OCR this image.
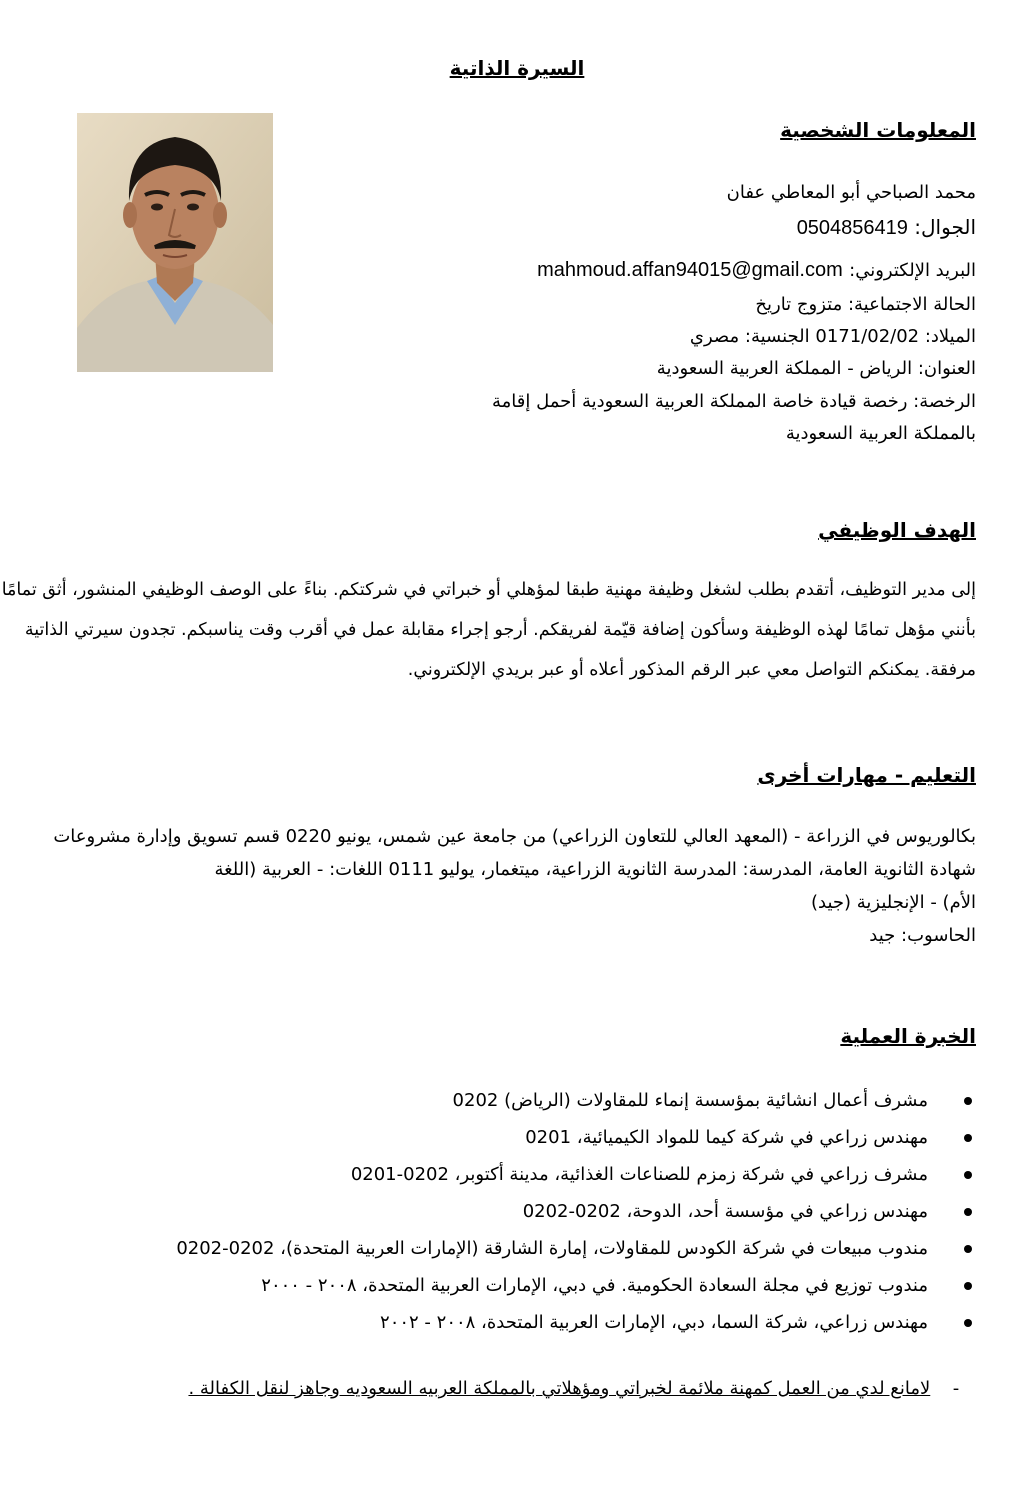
السيرة الذاتية
المعلومات الشخصية
محمد الصباحي أبو المعاطي عفان
الجوال: 0504856419
البريد الإلكتروني: mahmoud.affan94015@gmail.com
الحالة الاجتماعية: متزوج تاريخ
الميلاد: 0171/02/02 الجنسية: مصري
العنوان: الرياض - المملكة العربية السعودية
الرخصة: رخصة قيادة خاصة المملكة العربية السعودية أحمل إقامة
بالمملكة العربية السعودية
الهدف الوظيفي
إلى مدير التوظيف، أتقدم بطلب لشغل وظيفة مهنية طبقا لمؤهلي أو خبراتي في شركتكم. بناءً على الوصف الوظيفي المنشور، أثق تمامًا
بأنني مؤهل تمامًا لهذه الوظيفة وسأكون إضافة قيّمة لفريقكم. أرجو إجراء مقابلة عمل في أقرب وقت يناسبكم. تجدون سيرتي الذاتية
مرفقة. يمكنكم التواصل معي عبر الرقم المذكور أعلاه أو عبر بريدي الإلكتروني.
التعليم - مهارات أخرى
بكالوريوس في الزراعة - (المعهد العالي للتعاون الزراعي) من جامعة عين شمس، يونيو 0220 قسم تسويق وإدارة مشروعات
شهادة الثانوية العامة، المدرسة: المدرسة الثانوية الزراعية، ميتغمار، يوليو 0111 اللغات: - العربية (اللغة
الأم) - الإنجليزية (جيد)
الحاسوب: جيد
الخبرة العملية
مشرف أعمال انشائية بمؤسسة إنماء للمقاولات (الرياض) 0202
مهندس زراعي في شركة كيما للمواد الكيميائية، 0201
مشرف زراعي في شركة زمزم للصناعات الغذائية، مدينة أكتوبر، 0202-0201
مهندس زراعي في مؤسسة أحد، الدوحة، 0202-0202
مندوب مبيعات في شركة الكودس للمقاولات، إمارة الشارقة (الإمارات العربية المتحدة)، 0202-0202
مندوب توزيع في مجلة السعادة الحكومية. في دبي، الإمارات العربية المتحدة، ٢٠٠٨ - ٢٠٠٠
مهندس زراعي، شركة السما، دبي، الإمارات العربية المتحدة، ٢٠٠٨ - ٢٠٠٢
- لامانع لدي من العمل كمهنة ملائمة لخبراتي ومؤهلاتي بالمملكة العربيه السعوديه وجاهز لنقل الكفالة .
